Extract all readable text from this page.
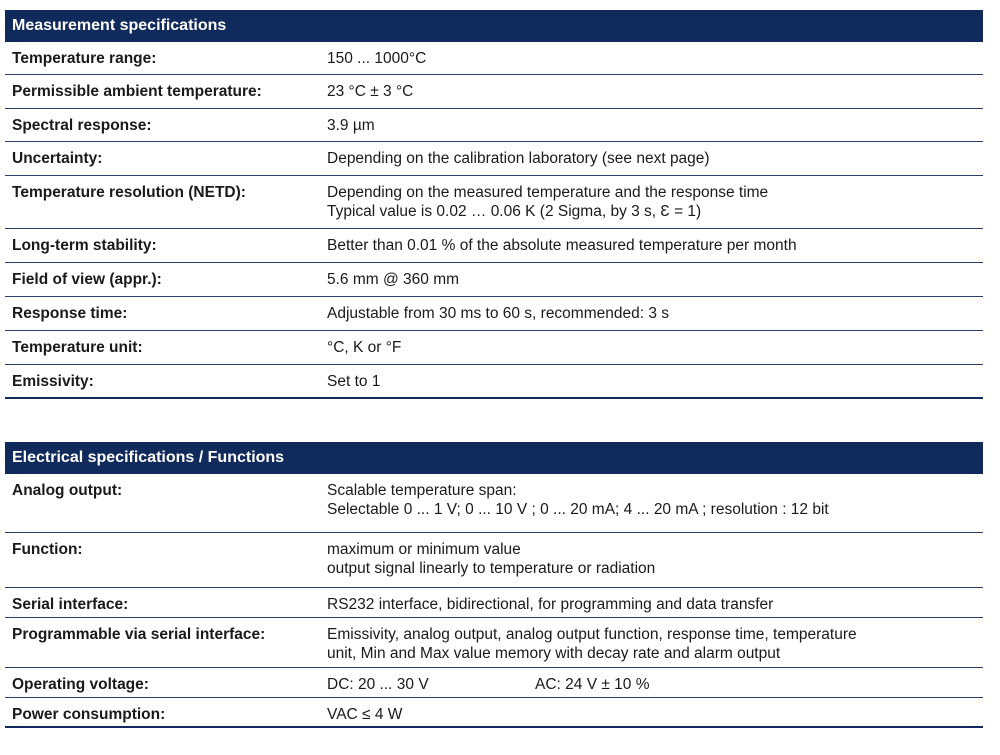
Measurement specifications
Temperature range:	150 ... 1000°C
Permissible ambient temperature:	23 °C ± 3 °C
Spectral response:	3.9 µm
Uncertainty:	Depending on the calibration laboratory (see next page)
Temperature resolution (NETD):	Depending on the measured temperature and the response time
Typical value is 0.02 … 0.06 K (2 Sigma, by 3 s, Ɛ = 1)
Long-term stability:	Better than 0.01 % of the absolute measured temperature per month
Field of view (appr.):	5.6 mm @ 360 mm
Response time:	Adjustable from 30 ms to 60 s, recommended: 3 s
Temperature unit:	°C, K or °F
Emissivity:	Set to 1
Electrical specifications / Functions
Analog output:	Scalable temperature span:
Selectable 0 ... 1 V; 0 ... 10 V ; 0 ... 20 mA; 4 ... 20 mA ; resolution : 12 bit
Function:	maximum or minimum value
output signal linearly to temperature or radiation
Serial interface:	RS232 interface, bidirectional, for programming and data transfer
Programmable via serial interface:	Emissivity, analog output, analog output function, response time, temperature
unit, Min and Max value memory with decay rate and alarm output
Operating voltage:	DC: 20 ... 30 V	AC: 24 V ± 10 %
Power consumption:	VAC ≤ 4 W
